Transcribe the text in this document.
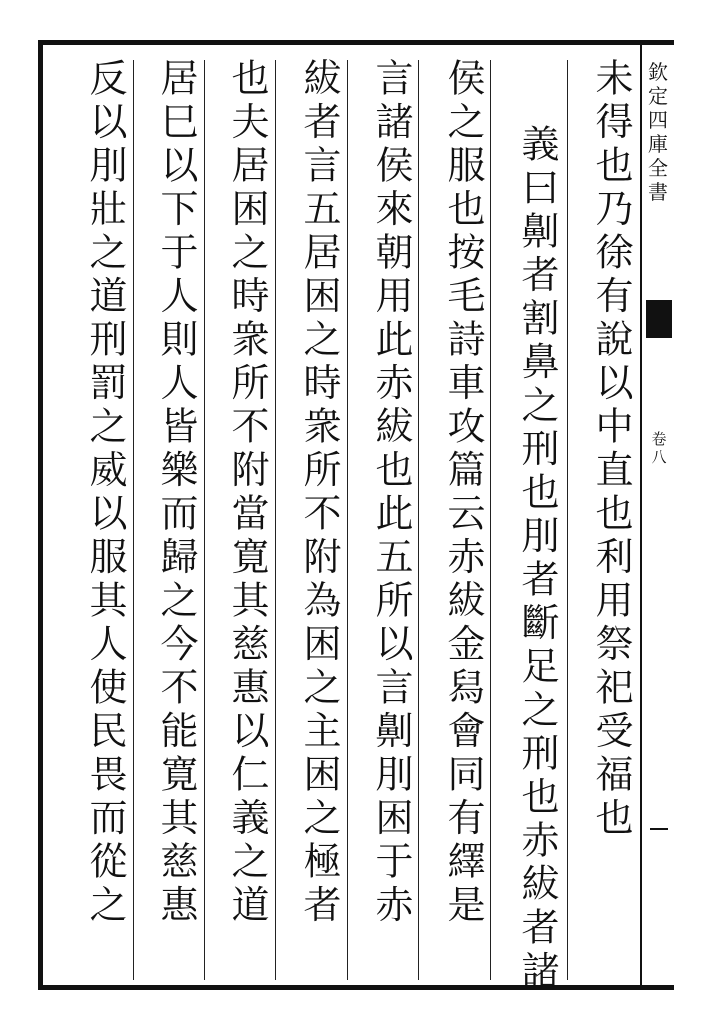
欽定四庫全書
卷八
未得也乃徐有說以中直也利用祭祀受福也
義曰劓者割鼻之刑也刖者斷足之刑也赤紱者諸
侯之服也按毛詩車攻篇云赤紱金舄會同有繹是
言諸侯來朝用此赤紱也此五所以言劓刖困于赤
紱者言五居困之時衆所不附為困之主困之極者
也夫居困之時衆所不附當寛其慈惠以仁義之道
居巳以下于人則人皆樂而歸之今不能寛其慈惠
反以刖壯之道刑罰之威以服其人使民畏而從之
